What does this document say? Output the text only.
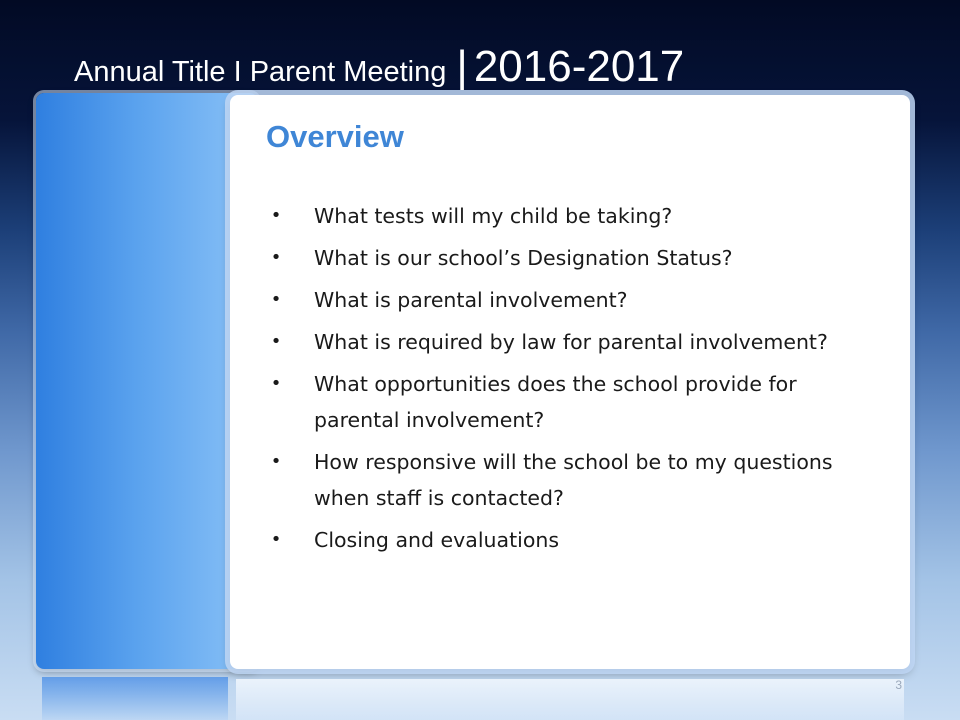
Annual Title I Parent Meeting | 2016-2017
Overview
• What tests will my child be taking?
• What is our school’s Designation Status?
• What is parental involvement?
• What is required by law for parental involvement?
• What opportunities does the school provide for parental involvement?
• How responsive will the school be to my questions when staff is contacted?
• Closing and evaluations
3
